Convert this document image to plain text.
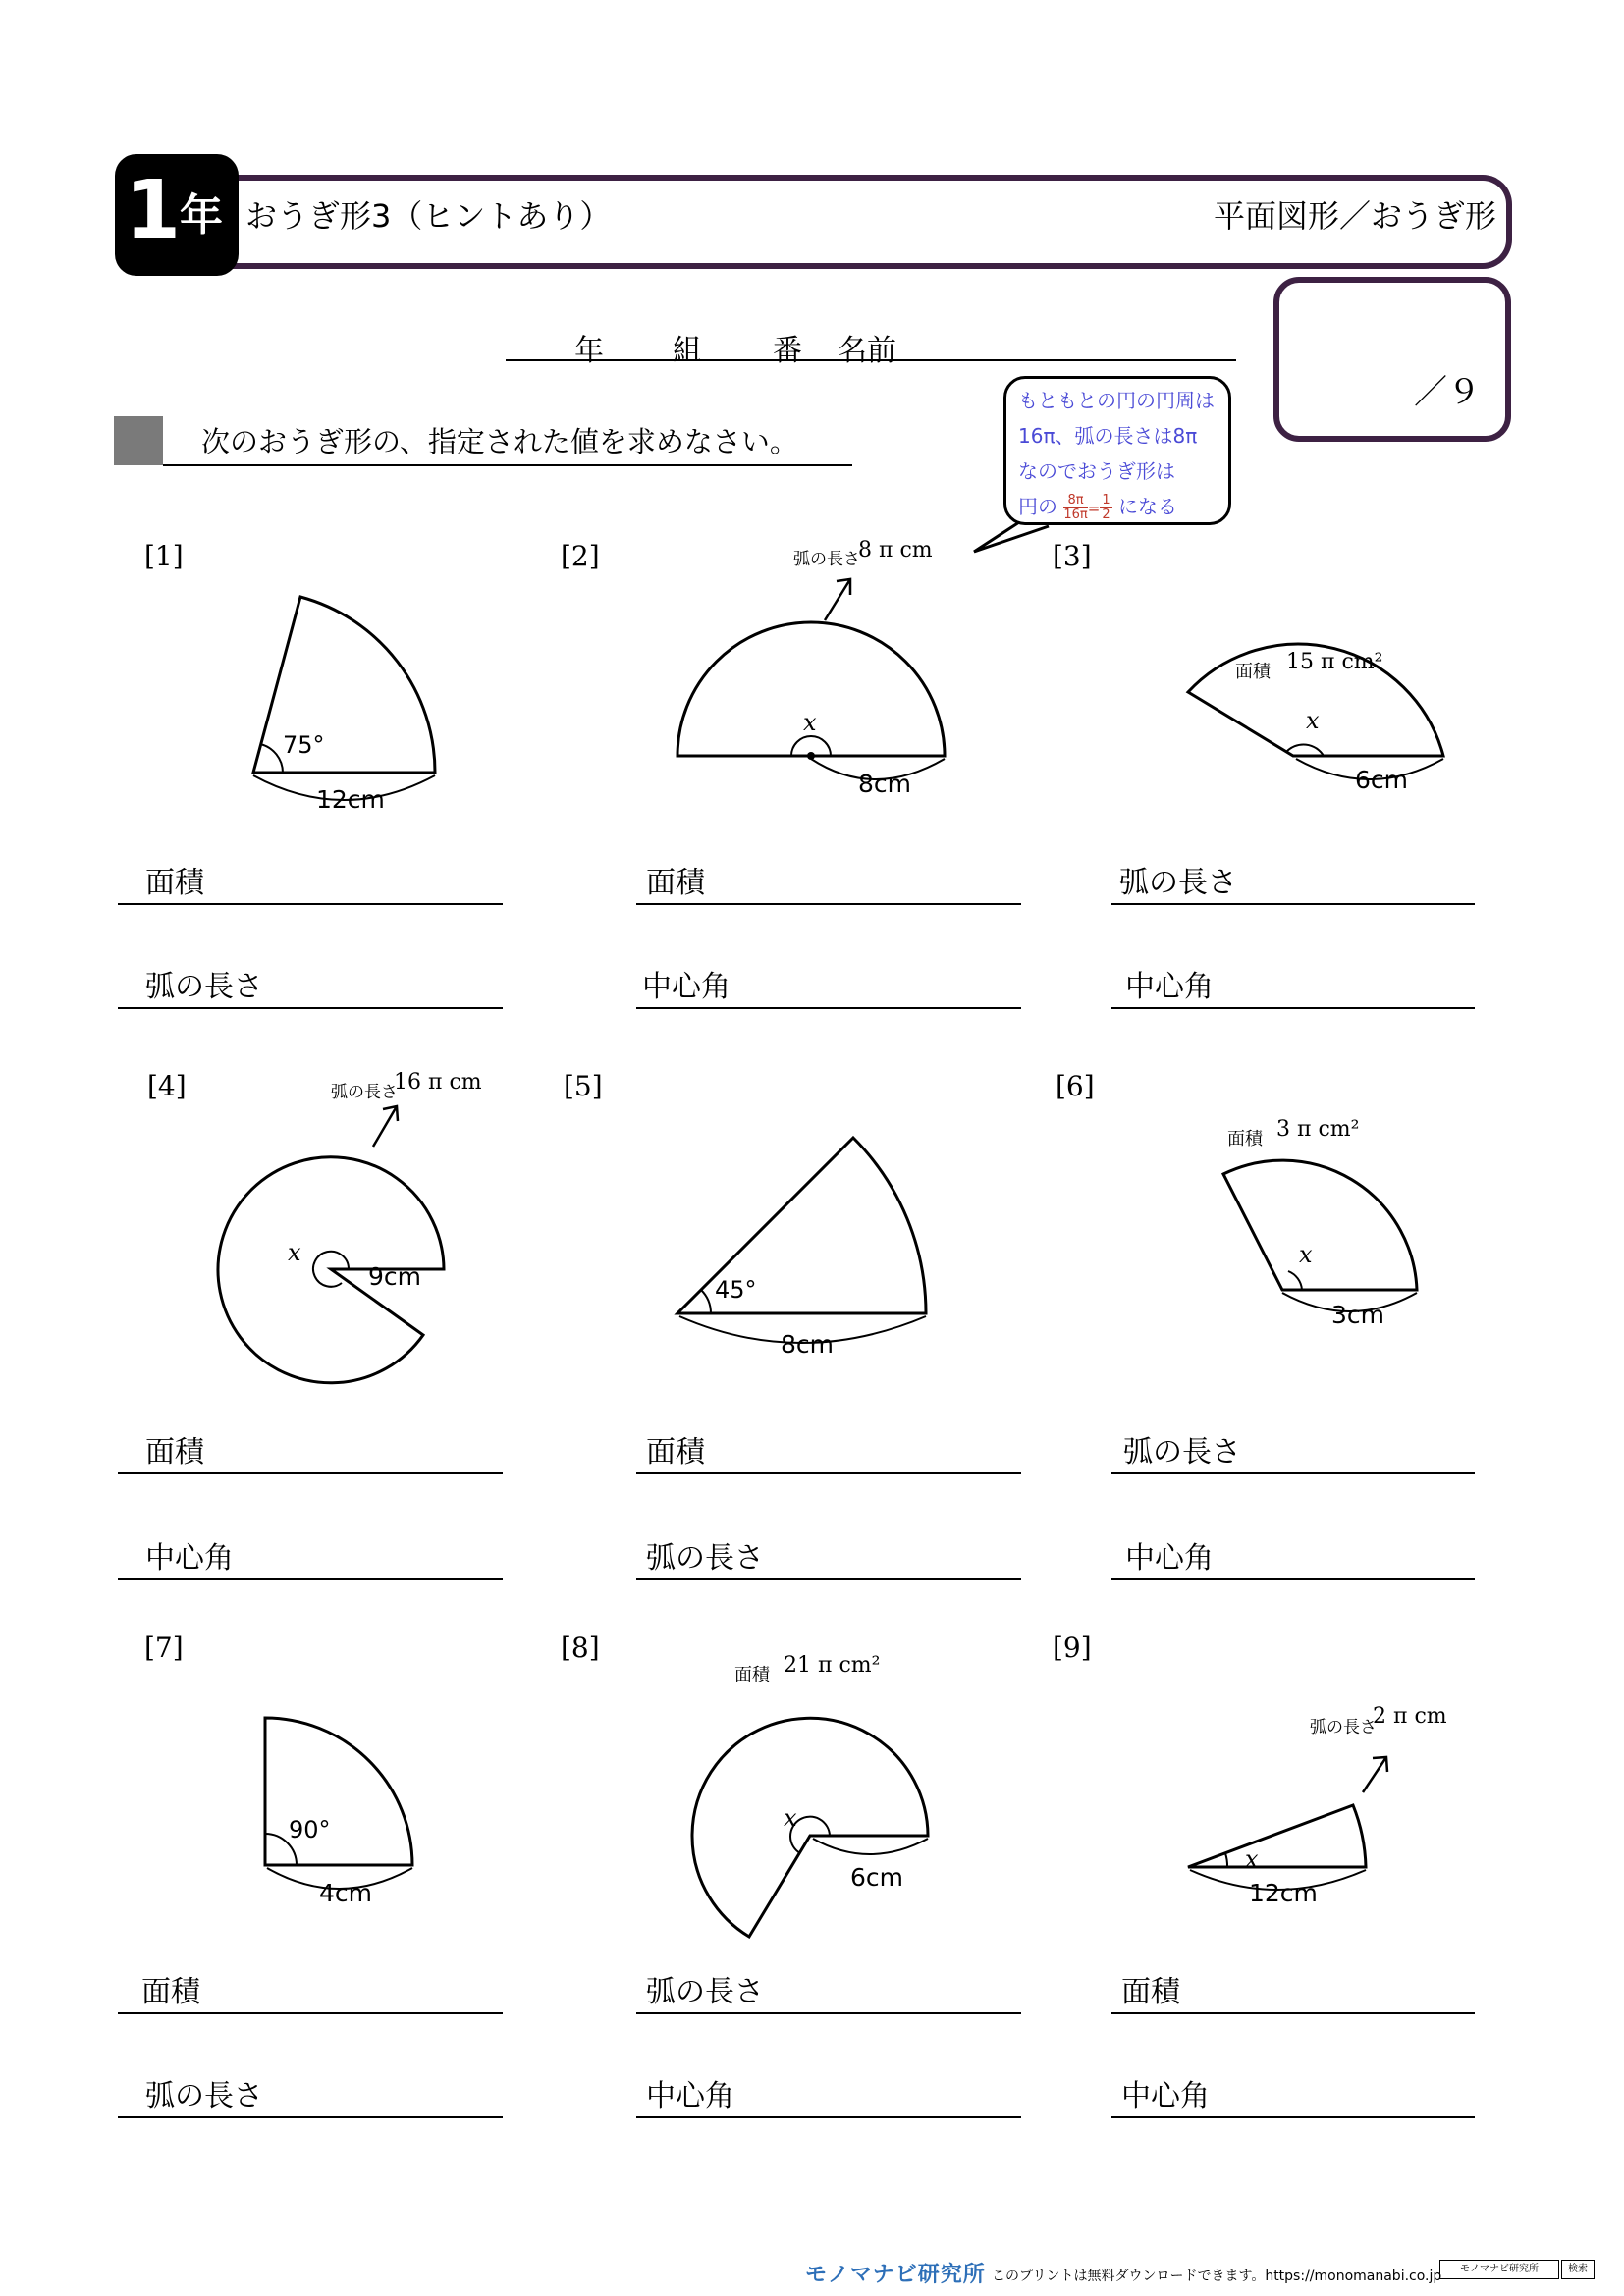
1
年 おうぎ形3（ヒントあり）	平面図形／おうぎ形
／９
年 組 番 名前
次のおうぎ形の、指定された値を求めなさい。
もともとの円の円周は
16π、弧の長さは8π
なのでおうぎ形は
円の $\frac{8\pi}{16\pi}= \frac{1}{2}$ になる
[1]	[2]	[3]
[4]	[5]	[6]
[7]	[8]	[9]
75°
12cm
弧の長さ
8 π cm
x
8cm
面積 15 π cm²
x
6cm
弧の長さ
16 π cm
x
9cm	45°
8cm
面積 3 π cm²
x
3cm
90°
4cm
面積 21 π cm²
x
6cm
弧の長さ
2 π cm
x
12cm
面積
弧の長さ
面積
中心角
弧の長さ
中心角
面積
中心角
面積
弧の長さ
弧の長さ
中心角
面積
弧の長さ
弧の長さ
中心角
面積
中心角
モノマナビ研究所 このプリントは無料ダウンロードできます。https://monomanabi.co.jp	モノマナビ研究所	検索
